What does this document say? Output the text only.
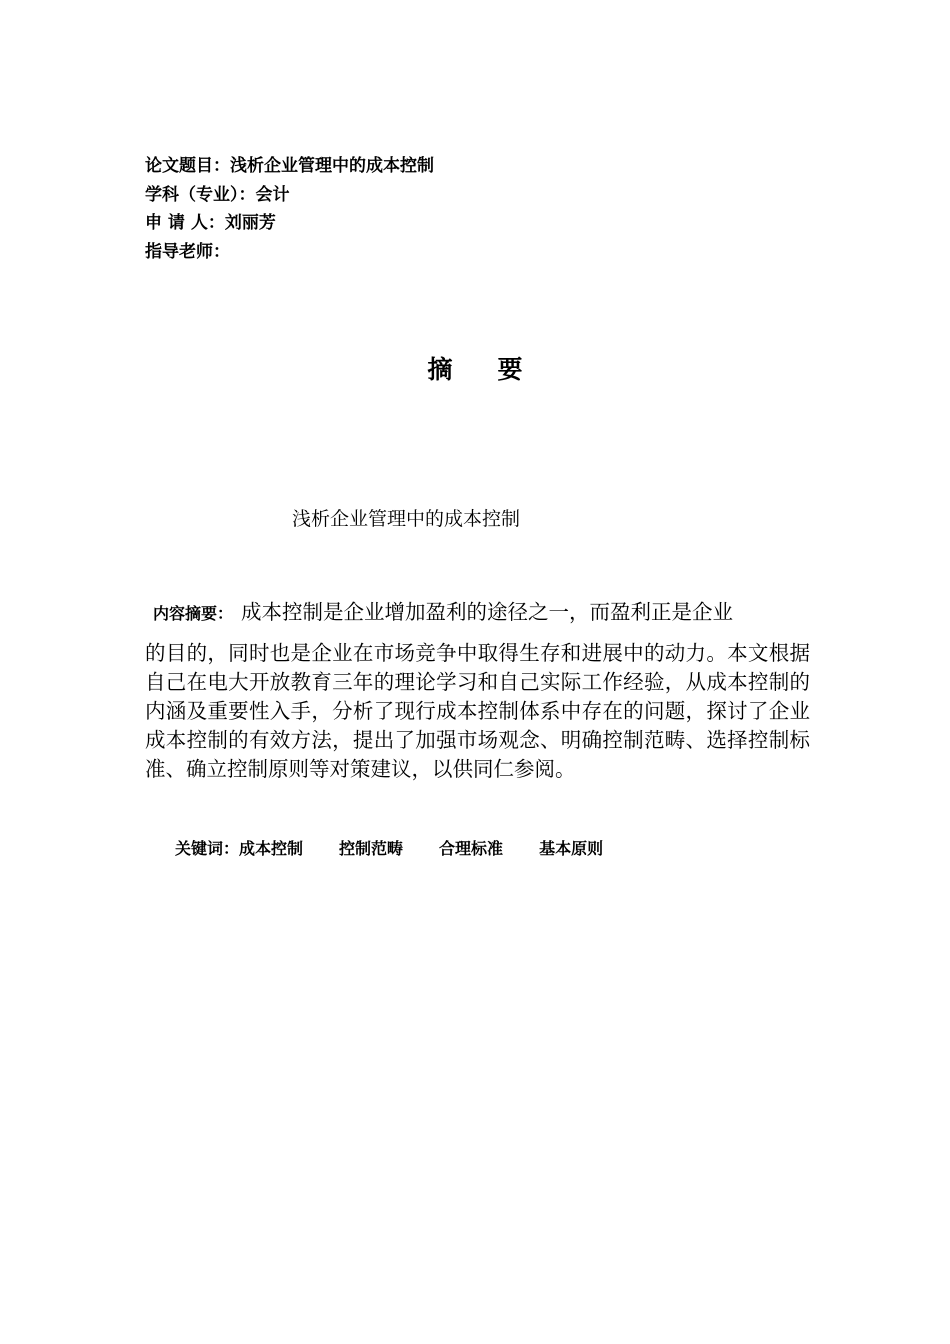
论文题目：浅析企业管理中的成本控制
学科（专业）：会计
申 请 人：刘丽芳
指导老师：
摘要
浅析企业管理中的成本控制
内容摘要： 成本控制是企业增加盈利的途径之一，而盈利正是企业
的目的，同时也是企业在市场竞争中取得生存和进展中的动力。本文根据自己在电大开放教育三年的理论学习和自己实际工作经验，从成本控制的内涵及重要性入手，分析了现行成本控制体系中存在的问题，探讨了企业成本控制的有效方法，提出了加强市场观念、明确控制范畴、选择控制标准、确立控制原则等对策建议，以供同仁参阅。
关键词：成本控制 控制范畴 合理标准 基本原则
